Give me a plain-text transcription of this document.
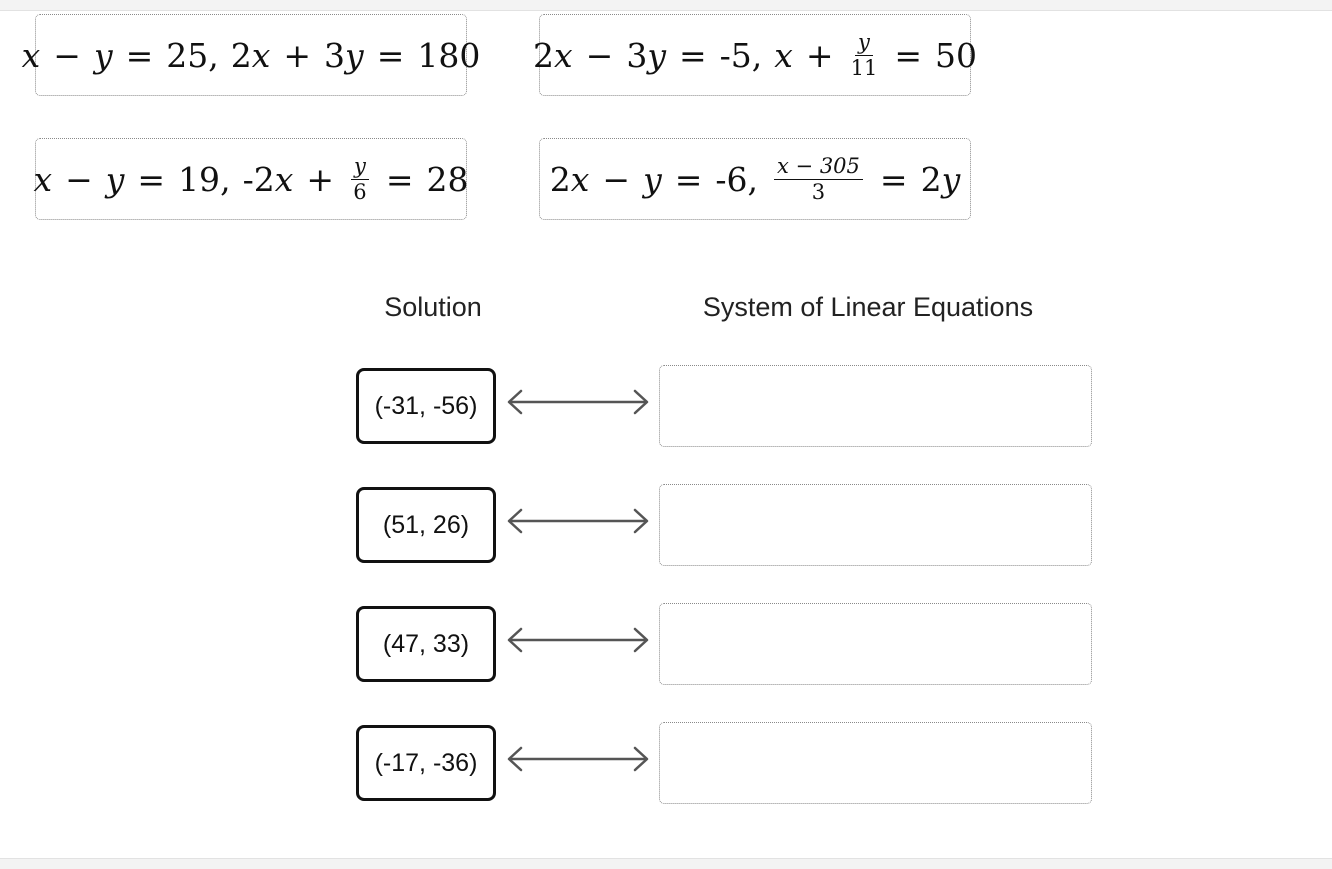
x − y = 25 , 2 x + 3 y = 180 2 x − 3 y = -5 , $x + \frac{y}{11} = 50$
x − y = 19 , -2 $x + \frac{y}{6} = 28$ 2 x − y = -6 , $\frac{x - 305}{3} = 2$ y
Solution	System of Linear Equations
(-31, -56)
(51, 26)
(47, 33)
(-17, -36)
